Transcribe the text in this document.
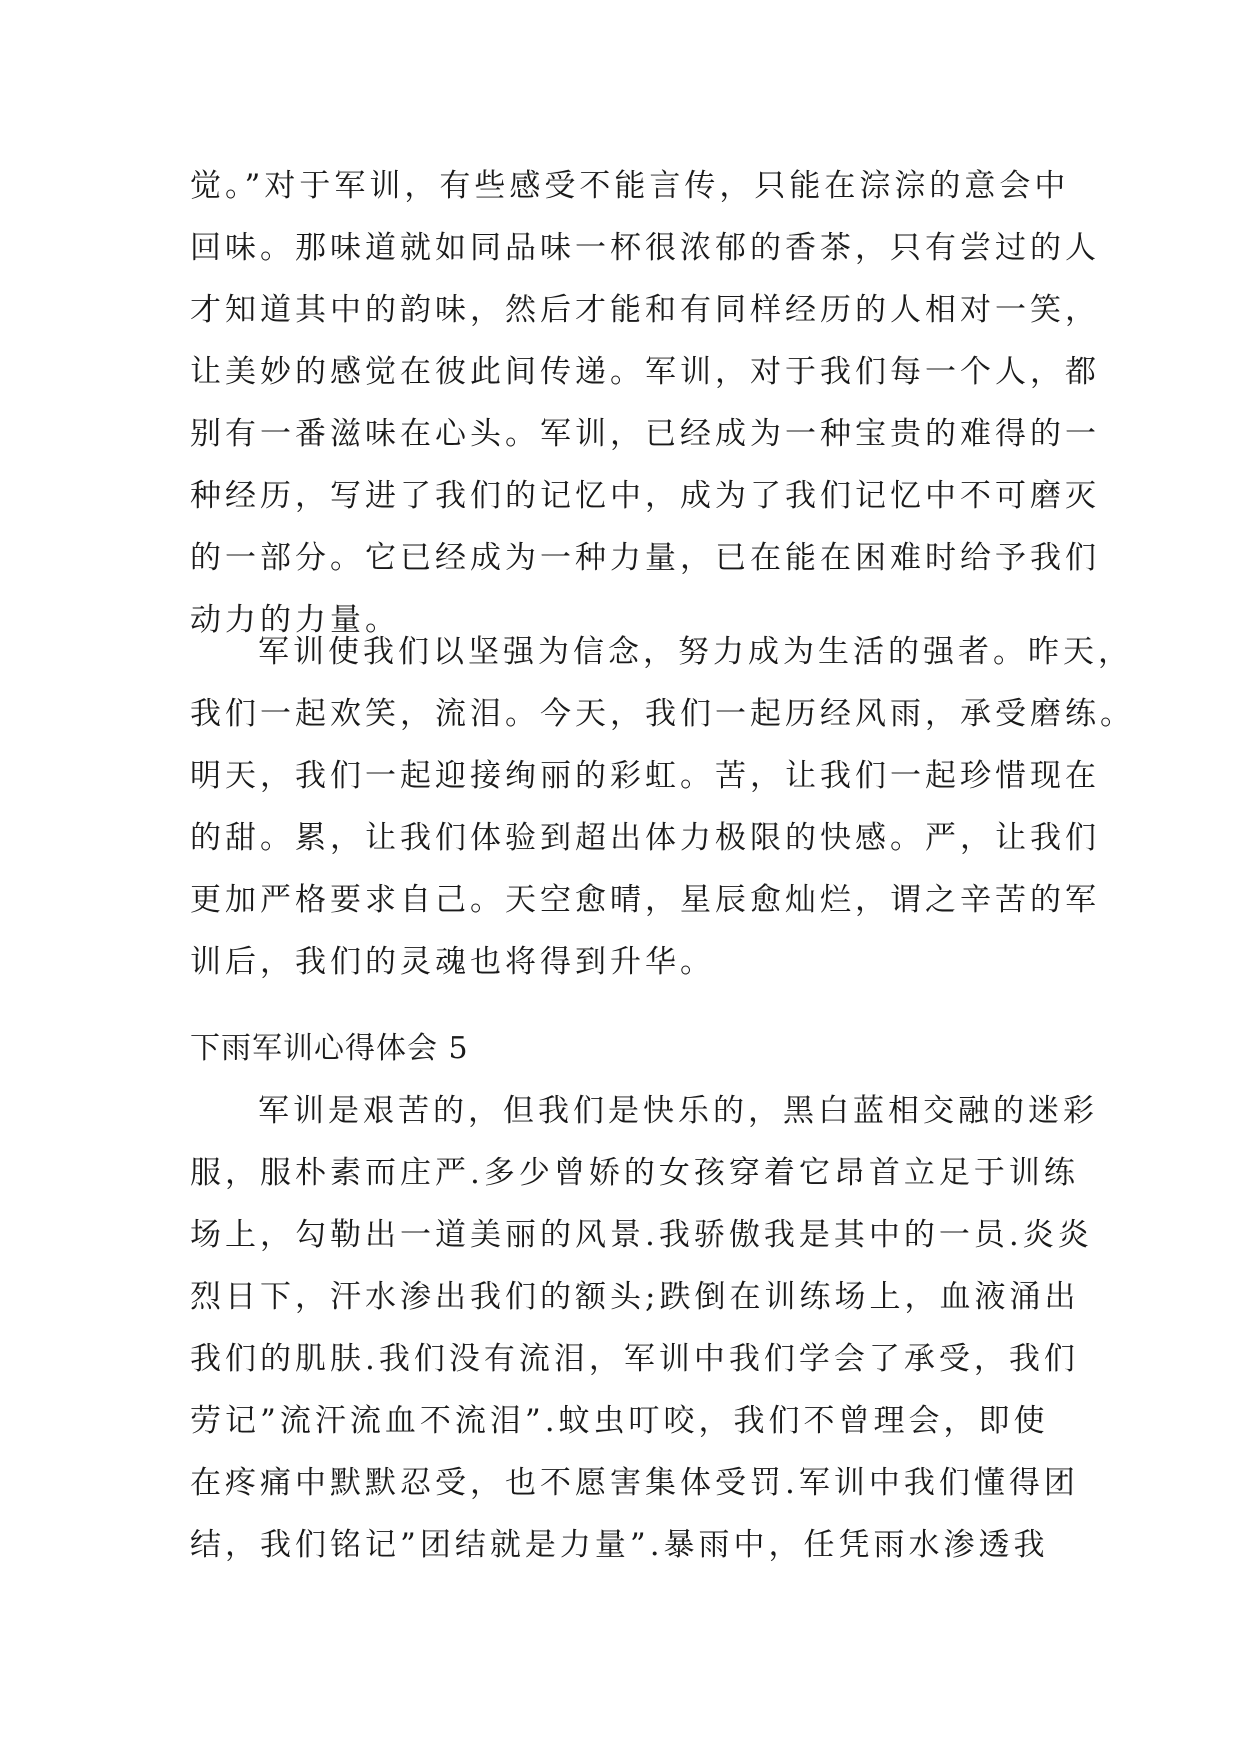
觉。”对于军训，有些感受不能言传，只能在淙淙的意会中
回味。那味道就如同品味一杯很浓郁的香茶，只有尝过的人
才知道其中的韵味，然后才能和有同样经历的人相对一笑，
让美妙的感觉在彼此间传递。军训，对于我们每一个人，都
别有一番滋味在心头。军训，已经成为一种宝贵的难得的一
种经历，写进了我们的记忆中，成为了我们记忆中不可磨灭
的一部分。它已经成为一种力量，已在能在困难时给予我们
动力的力量。
军训使我们以坚强为信念，努力成为生活的强者。昨天，
我们一起欢笑，流泪。今天，我们一起历经风雨，承受磨练。
明天，我们一起迎接绚丽的彩虹。苦，让我们一起珍惜现在
的甜。累，让我们体验到超出体力极限的快感。严，让我们
更加严格要求自己。天空愈晴，星辰愈灿烂，谓之辛苦的军
训后，我们的灵魂也将得到升华。
下雨军训心得体会 5
军训是艰苦的，但我们是快乐的，黑白蓝相交融的迷彩
服，服朴素而庄严.多少曾娇的女孩穿着它昂首立足于训练
场上，勾勒出一道美丽的风景.我骄傲我是其中的一员.炎炎
烈日下，汗水渗出我们的额头;跌倒在训练场上，血液涌出
我们的肌肤.我们没有流泪，军训中我们学会了承受，我们
劳记”流汗流血不流泪”.蚊虫叮咬，我们不曾理会，即使
在疼痛中默默忍受，也不愿害集体受罚.军训中我们懂得团
结，我们铭记”团结就是力量”.暴雨中，任凭雨水渗透我
